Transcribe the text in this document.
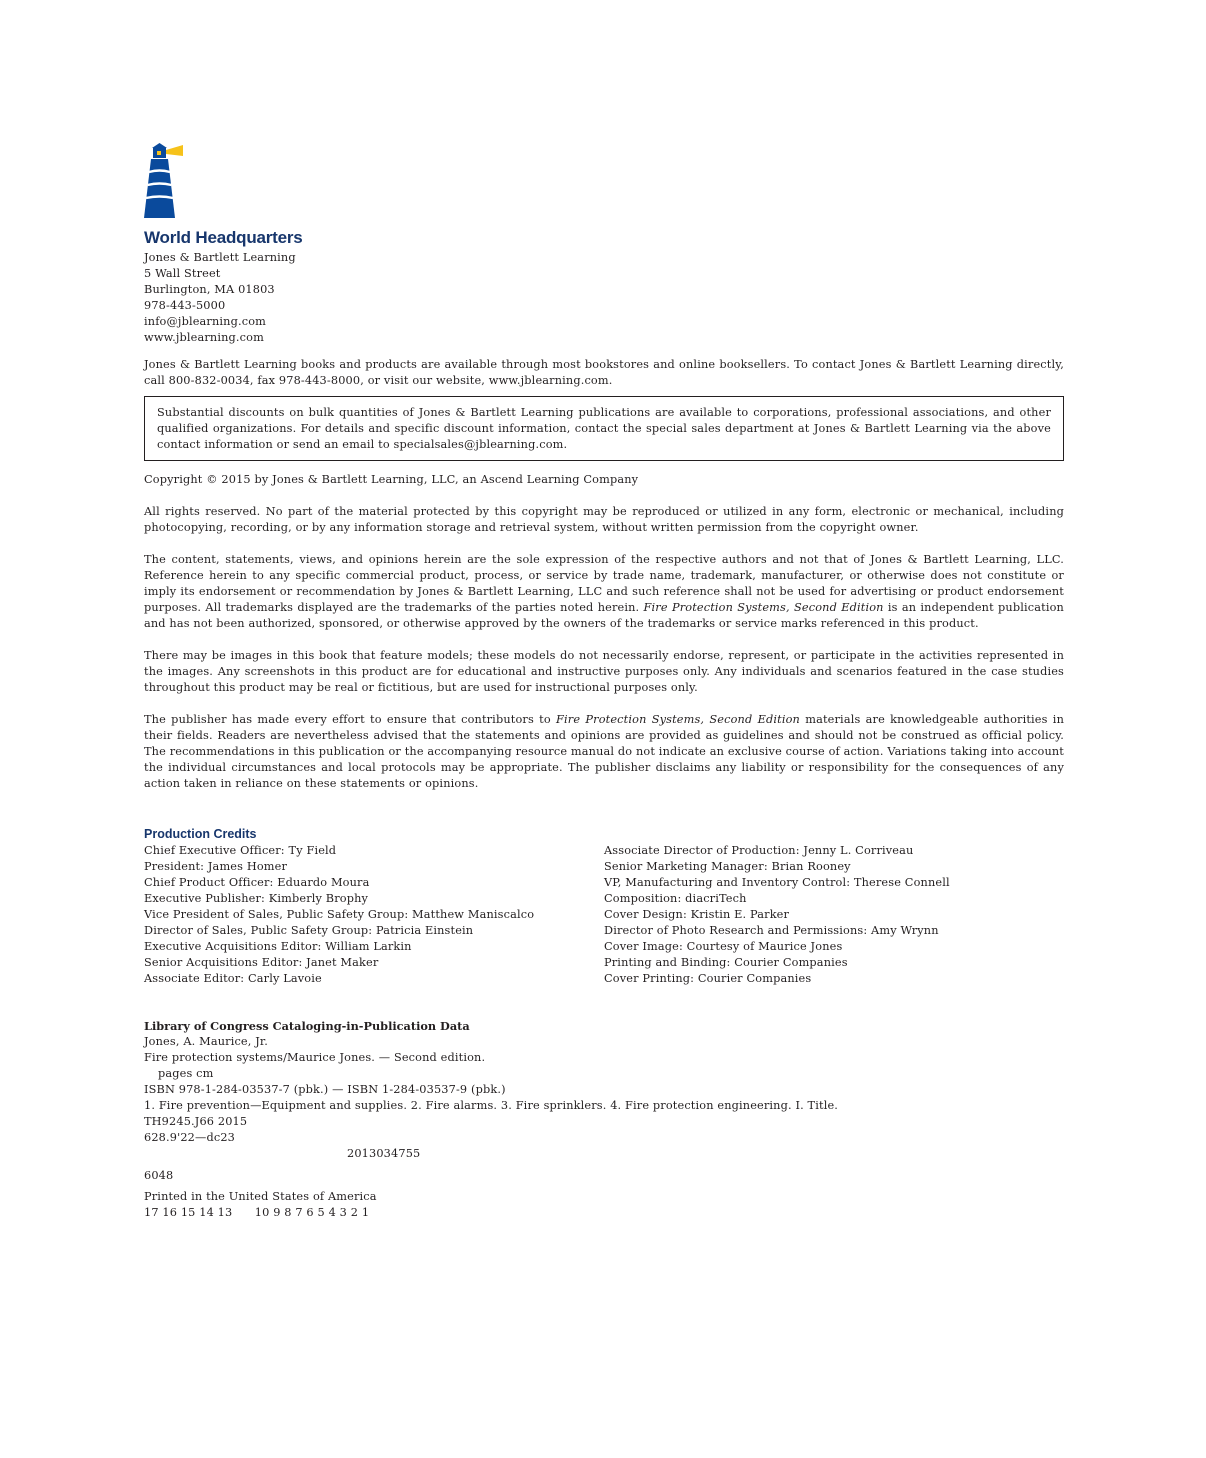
World Headquarters
Jones & Bartlett Learning
5 Wall Street
Burlington, MA 01803
978-443-5000
info@jblearning.com
www.jblearning.com
Jones & Bartlett Learning books and products are available through most bookstores and online booksellers. To contact Jones & Bartlett Learning directly, call 800-832-0034, fax 978-443-8000, or visit our website, www.jblearning.com.
Substantial discounts on bulk quantities of Jones & Bartlett Learning publications are available to corporations, professional associations, and other qualified organizations. For details and specific discount information, contact the special sales department at Jones & Bartlett Learning via the above contact information or send an email to specialsales@jblearning.com.
Copyright © 2015 by Jones & Bartlett Learning, LLC, an Ascend Learning Company
All rights reserved. No part of the material protected by this copyright may be reproduced or utilized in any form, electronic or mechanical, including photocopying, recording, or by any information storage and retrieval system, without written permission from the copyright owner.
The content, statements, views, and opinions herein are the sole expression of the respective authors and not that of Jones & Bartlett Learning, LLC. Reference herein to any specific commercial product, process, or service by trade name, trademark, manufacturer, or otherwise does not constitute or imply its endorsement or recommendation by Jones & Bartlett Learning, LLC and such reference shall not be used for advertising or product endorsement purposes. All trademarks displayed are the trademarks of the parties noted herein. Fire Protection Systems, Second Edition is an independent publication and has not been authorized, sponsored, or otherwise approved by the owners of the trademarks or service marks referenced in this product.
There may be images in this book that feature models; these models do not necessarily endorse, represent, or participate in the activities represented in the images. Any screenshots in this product are for educational and instructive purposes only. Any individuals and scenarios featured in the case studies throughout this product may be real or fictitious, but are used for instructional purposes only.
The publisher has made every effort to ensure that contributors to Fire Protection Systems, Second Edition materials are knowledgeable authorities in their fields. Readers are nevertheless advised that the statements and opinions are provided as guidelines and should not be construed as official policy. The recommendations in this publication or the accompanying resource manual do not indicate an exclusive course of action. Variations taking into account the individual circumstances and local protocols may be appropriate. The publisher disclaims any liability or responsibility for the consequences of any action taken in reliance on these statements or opinions.
Production Credits
Chief Executive Officer: Ty Field
President: James Homer
Chief Product Officer: Eduardo Moura
Executive Publisher: Kimberly Brophy
Vice President of Sales, Public Safety Group: Matthew Maniscalco
Director of Sales, Public Safety Group: Patricia Einstein
Executive Acquisitions Editor: William Larkin
Senior Acquisitions Editor: Janet Maker
Associate Editor: Carly Lavoie
Associate Director of Production: Jenny L. Corriveau
Senior Marketing Manager: Brian Rooney
VP, Manufacturing and Inventory Control: Therese Connell
Composition: diacriTech
Cover Design: Kristin E. Parker
Director of Photo Research and Permissions: Amy Wrynn
Cover Image: Courtesy of Maurice Jones
Printing and Binding: Courier Companies
Cover Printing: Courier Companies
Library of Congress Cataloging-in-Publication Data
Jones, A. Maurice, Jr.
Fire protection systems/Maurice Jones. — Second edition.
pages cm
ISBN 978-1-284-03537-7 (pbk.) — ISBN 1-284-03537-9 (pbk.)
1. Fire prevention—Equipment and supplies. 2. Fire alarms. 3. Fire sprinklers. 4. Fire protection engineering. I. Title.
TH9245.J66 2015
628.9'22—dc23
2013034755
6048
Printed in the United States of America
17 16 15 14 13      10 9 8 7 6 5 4 3 2 1
